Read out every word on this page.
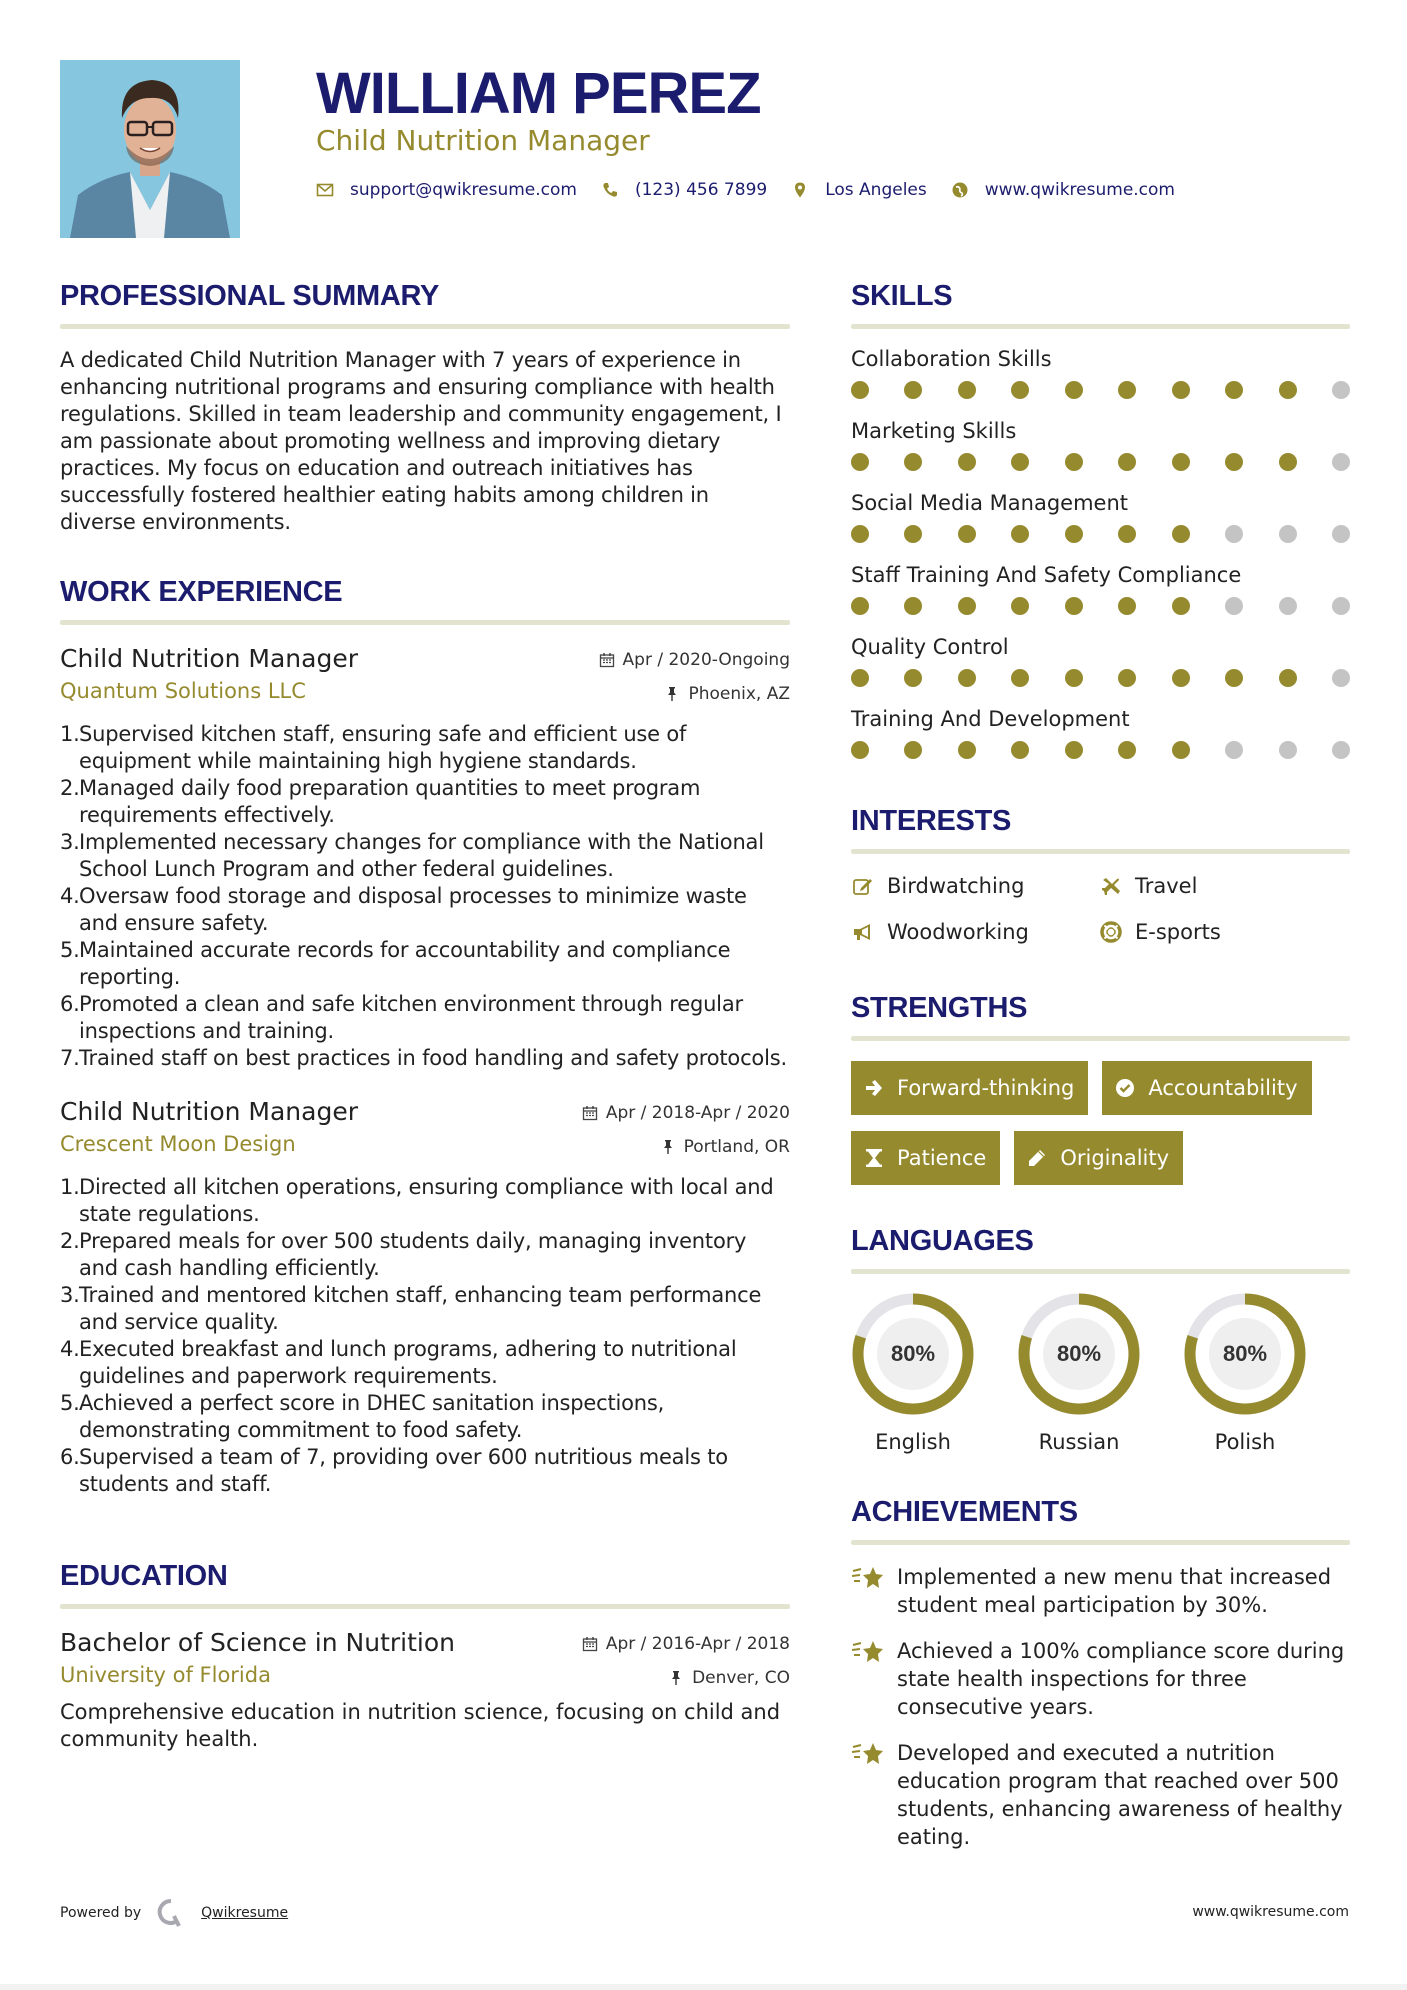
WILLIAM PEREZ
Child Nutrition Manager
support@qwikresume.com	(123) 456 7899	Los Angeles	www.qwikresume.com
PROFESSIONAL SUMMARY

A dedicated Child Nutrition Manager with 7 years of experience in enhancing nutritional programs and ensuring compliance with health regulations. Skilled in team leadership and community engagement, I am passionate about promoting wellness and improving dietary practices. My focus on education and outreach initiatives has successfully fostered healthier eating habits among children in diverse environments.

WORK EXPERIENCE
Child Nutrition Manager
Quantum Solutions LLC
Apr / 2020-Ongoing
Phoenix, AZ
1. Supervised kitchen staff, ensuring safe and efficient use of equipment while maintaining high hygiene standards.
2. Managed daily food preparation quantities to meet program requirements effectively.
3. Implemented necessary changes for compliance with the National School Lunch Program and other federal guidelines.
4. Oversaw food storage and disposal processes to minimize waste and ensure safety.
5. Maintained accurate records for accountability and compliance reporting.
6. Promoted a clean and safe kitchen environment through regular inspections and training.
7. Trained staff on best practices in food handling and safety protocols.
Child Nutrition Manager
Crescent Moon Design
Apr / 2018-Apr / 2020
Portland, OR
1. Directed all kitchen operations, ensuring compliance with local and state regulations.
2. Prepared meals for over 500 students daily, managing inventory and cash handling efficiently.
3. Trained and mentored kitchen staff, enhancing team performance and service quality.
4. Executed breakfast and lunch programs, adhering to nutritional guidelines and paperwork requirements.
5. Achieved a perfect score in DHEC sanitation inspections, demonstrating commitment to food safety.
6. Supervised a team of 7, providing over 600 nutritious meals to students and staff.
EDUCATION
Bachelor of Science in Nutrition
University of Florida
Apr / 2016-Apr / 2018
Denver, CO

Comprehensive education in nutrition science, focusing on child and community health.

SKILLS
Collaboration Skills
Marketing Skills
Social Media Management
Staff Training And Safety Compliance
Quality Control
Training And Development
INTERESTS
Birdwatching	Travel
Woodworking	E-sports
STRENGTHS
Forward-thinking	Accountability
Patience	Originality
LANGUAGES
80%
English
80%
Russian
80%
Polish
ACHIEVEMENTS
Implemented a new menu that increased student meal participation by 30%.
Achieved a 100% compliance score during state health inspections for three consecutive years.
Developed and executed a nutrition education program that reached over 500 students, enhancing awareness of healthy eating.
Powered by	Qwikresume	www.qwikresume.com
